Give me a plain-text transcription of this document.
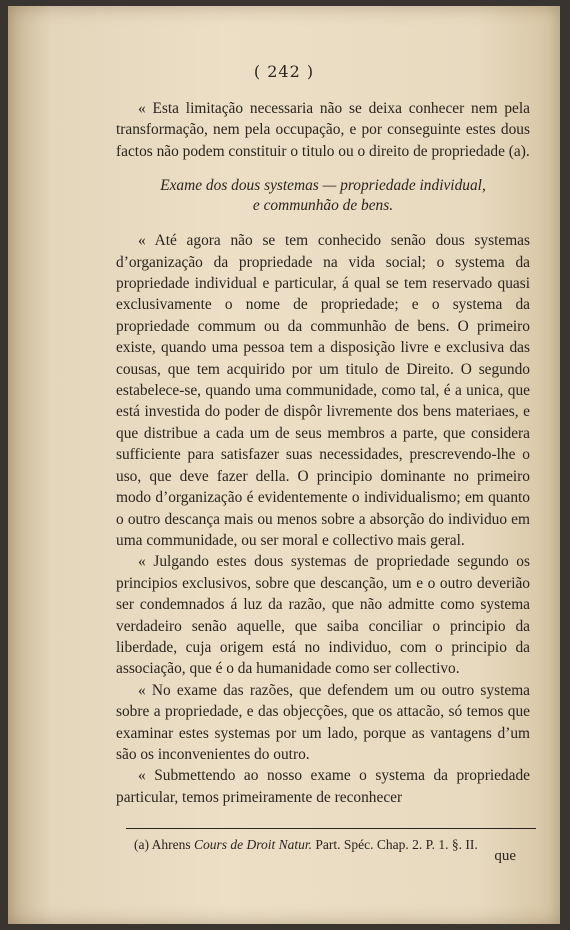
( 242 )

« Esta limitação necessaria não se deixa conhecer nem pela transformação, nem pela occupação, e por conseguinte estes dous factos não podem constituir o titulo ou o direito de propriedade (a).

Exame dos dous systemas — propriedade individual,
e communhão de bens.

« Até agora não se tem conhecido senão dous systemas d’organização da propriedade na vida social; o systema da propriedade individual e particular, á qual se tem reservado quasi exclusivamente o nome de propriedade; e o systema da propriedade commum ou da communhão de bens. O primeiro existe, quando uma pessoa tem a disposição livre e exclusiva das cousas, que tem acquirido por um titulo de Direito. O segundo estabelece-se, quando uma communidade, como tal, é a unica, que está investida do poder de dispôr livremente dos bens materiaes, e que distribue a cada um de seus membros a parte, que considera sufficiente para satisfazer suas necessidades, prescrevendo-lhe o uso, que deve fazer della. O principio dominante no primeiro modo d’organização é evidentemente o individualismo; em quanto o outro descança mais ou menos sobre a absorção do individuo em uma communidade, ou ser moral e collectivo mais geral.

« Julgando estes dous systemas de propriedade segundo os principios exclusivos, sobre que descanção, um e o outro deverião ser condemnados á luz da razão, que não admitte como systema verdadeiro senão aquelle, que saiba conciliar o principio da liberdade, cuja origem está no individuo, com o principio da associação, que é o da humanidade como ser collectivo.

« No exame das razões, que defendem um ou outro systema sobre a propriedade, e das objecções, que os attacão, só temos que examinar estes systemas por um lado, porque as vantagens d’um são os inconvenientes do outro.

« Submettendo ao nosso exame o systema da propriedade particular, temos primeiramente de reconhecer

(a) Ahrens Cours de Droit Natur. Part. Spéc. Chap. 2. P. 1. §. II.
que
